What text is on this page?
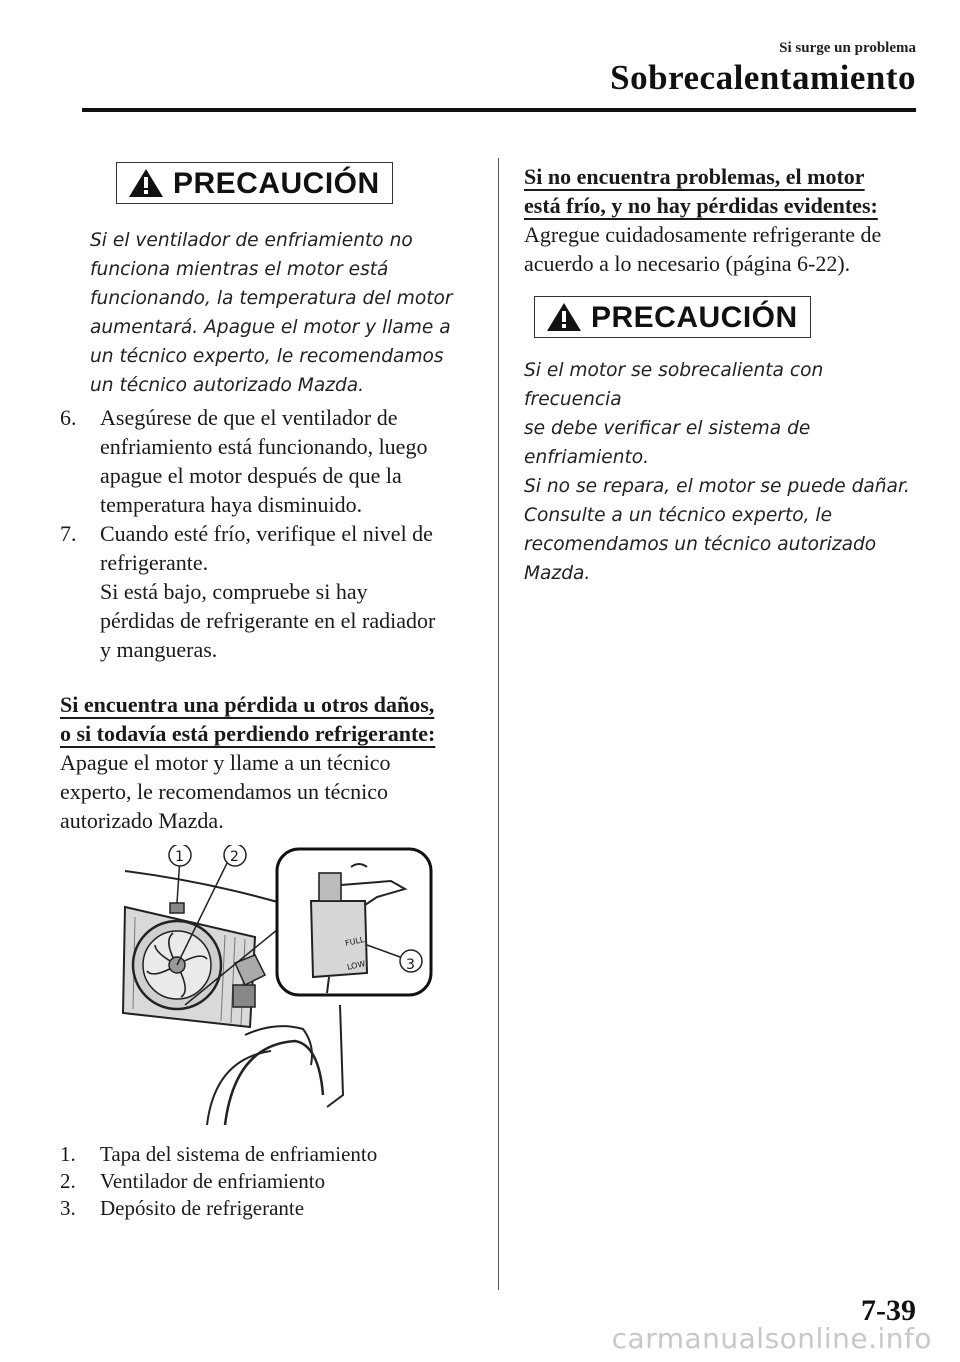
Si surge un problema
Sobrecalentamiento
PRECAUCIÓN
Si el ventilador de enfriamiento no
funciona mientras el motor está
funcionando, la temperatura del motor
aumentará. Apague el motor y llame a
un técnico experto, le recomendamos
un técnico autorizado Mazda.
6.	Asegúrese de que el ventilador de
enfriamiento está funcionando, luego
apague el motor después de que la
temperatura haya disminuido.
7.	Cuando esté frío, verifique el nivel de
refrigerante.
Si está bajo, compruebe si hay
pérdidas de refrigerante en el radiador
y mangueras.
Si encuentra una pérdida u otros daños,
o si todavía está perdiendo refrigerante:
Apague el motor y llame a un técnico
experto, le recomendamos un técnico
autorizado Mazda.
1	2
3
FULL
LOW
1.	Tapa del sistema de enfriamiento
2.	Ventilador de enfriamiento
3.	Depósito de refrigerante
Si no encuentra problemas, el motor
está frío, y no hay pérdidas evidentes:
Agregue cuidadosamente refrigerante de
acuerdo a lo necesario (página 6-22).
PRECAUCIÓN
Si el motor se sobrecalienta con frecuencia
se debe verificar el sistema de enfriamiento.
Si no se repara, el motor se puede dañar.
Consulte a un técnico experto, le
recomendamos un técnico autorizado
Mazda.
7-39
carmanualsonline.info
